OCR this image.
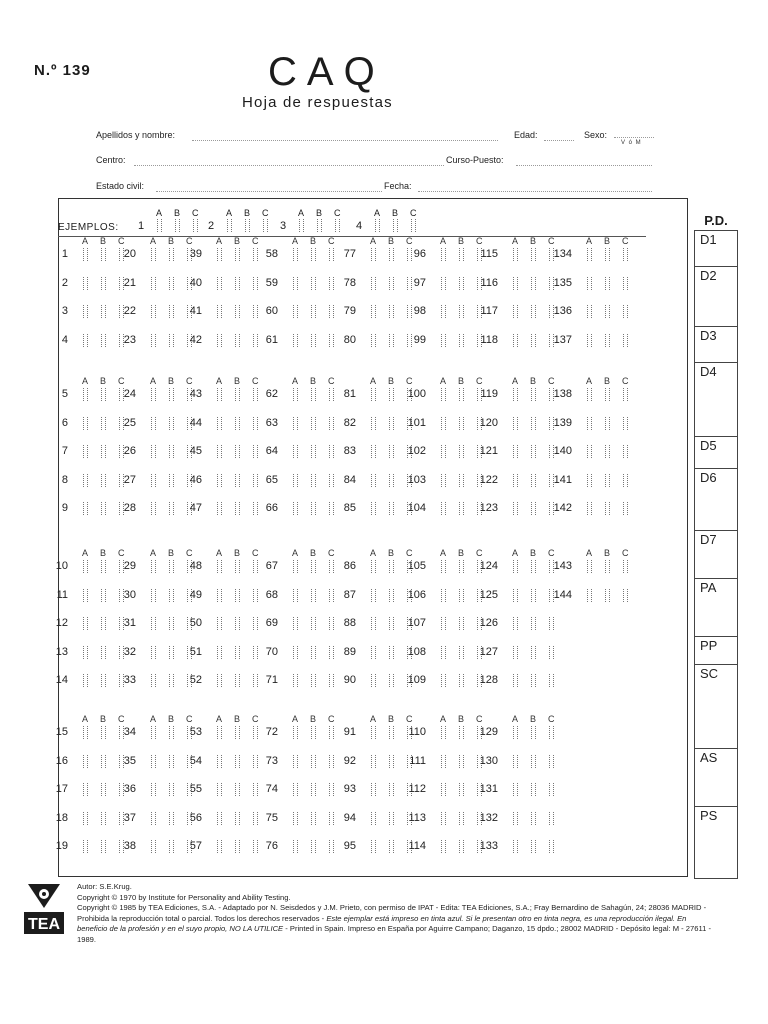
N.º 139	CAQ
Hoja de respuestas
Apellidos y nombre:	Edad:	Sexo:
V ó M
Centro:	Curso-Puesto:
Estado civil:	Fecha:
EJEMPLOS: 1
A B C
2
A B C
3
A B C
4
A B C
A B C	A B C	A B C	A B C	A B C	A B C	A B C	A B C
1	20	39	58	77	96	115	134
2	21	40	59	78	97	116	135
3	22	41	60	79	98	117	136
4	23	42	61	80	99	118	137
A B C	A B C	A B C	A B C	A B C	A B C	A B C	A B C
5	24	43	62	81	100	119	138
6	25	44	63	82	101	120	139
7	26	45	64	83	102	121	140
8	27	46	65	84	103	122	141
9	28	47	66	85	104	123	142
A B C	A B C	A B C	A B C	A B C	A B C	A B C	A B C
10	29	48	67	86	105	124	143
11	30	49	68	87	106	125	144
12	31	50	69	88	107	126
13	32	51	70	89	108	127
14	33	52	71	90	109	128
A B C	A B C	A B C	A B C	A B C	A B C	A B C
15	34	53	72	91	110	129
16	35	54	73	92	111	130
17	36	55	74	93	112	131
18	37	56	75	94	113	132
19	38	57	76	95	114	133
P.D.
D1
D2
D3
D4
D5
D6
D7
PA
PP
SC
AS
PS
TEA

Autor: S.E.Krug.

Copyright © 1970 by Institute for Personality and Ability Testing.

Copyright © 1985 by TEA Ediciones, S.A. - Adaptado por N. Seisdedos y J.M. Prieto, con permiso de IPAT - Edita: TEA Ediciones, S.A.; Fray Bernardino de Sahagún, 24; 28036 MADRID - Prohibida la reproducción total o parcial. Todos los derechos reservados - Este ejemplar está impreso en tinta azul. Si le presentan otro en tinta negra, es una reproducción ilegal. En beneficio de la profesión y en el suyo propio, NO LA UTILICE - Printed in Spain. Impreso en España por Aguirre Campano; Daganzo, 15 dpdo.; 28002 MADRID - Depósito legal: M - 27611 - 1989.
